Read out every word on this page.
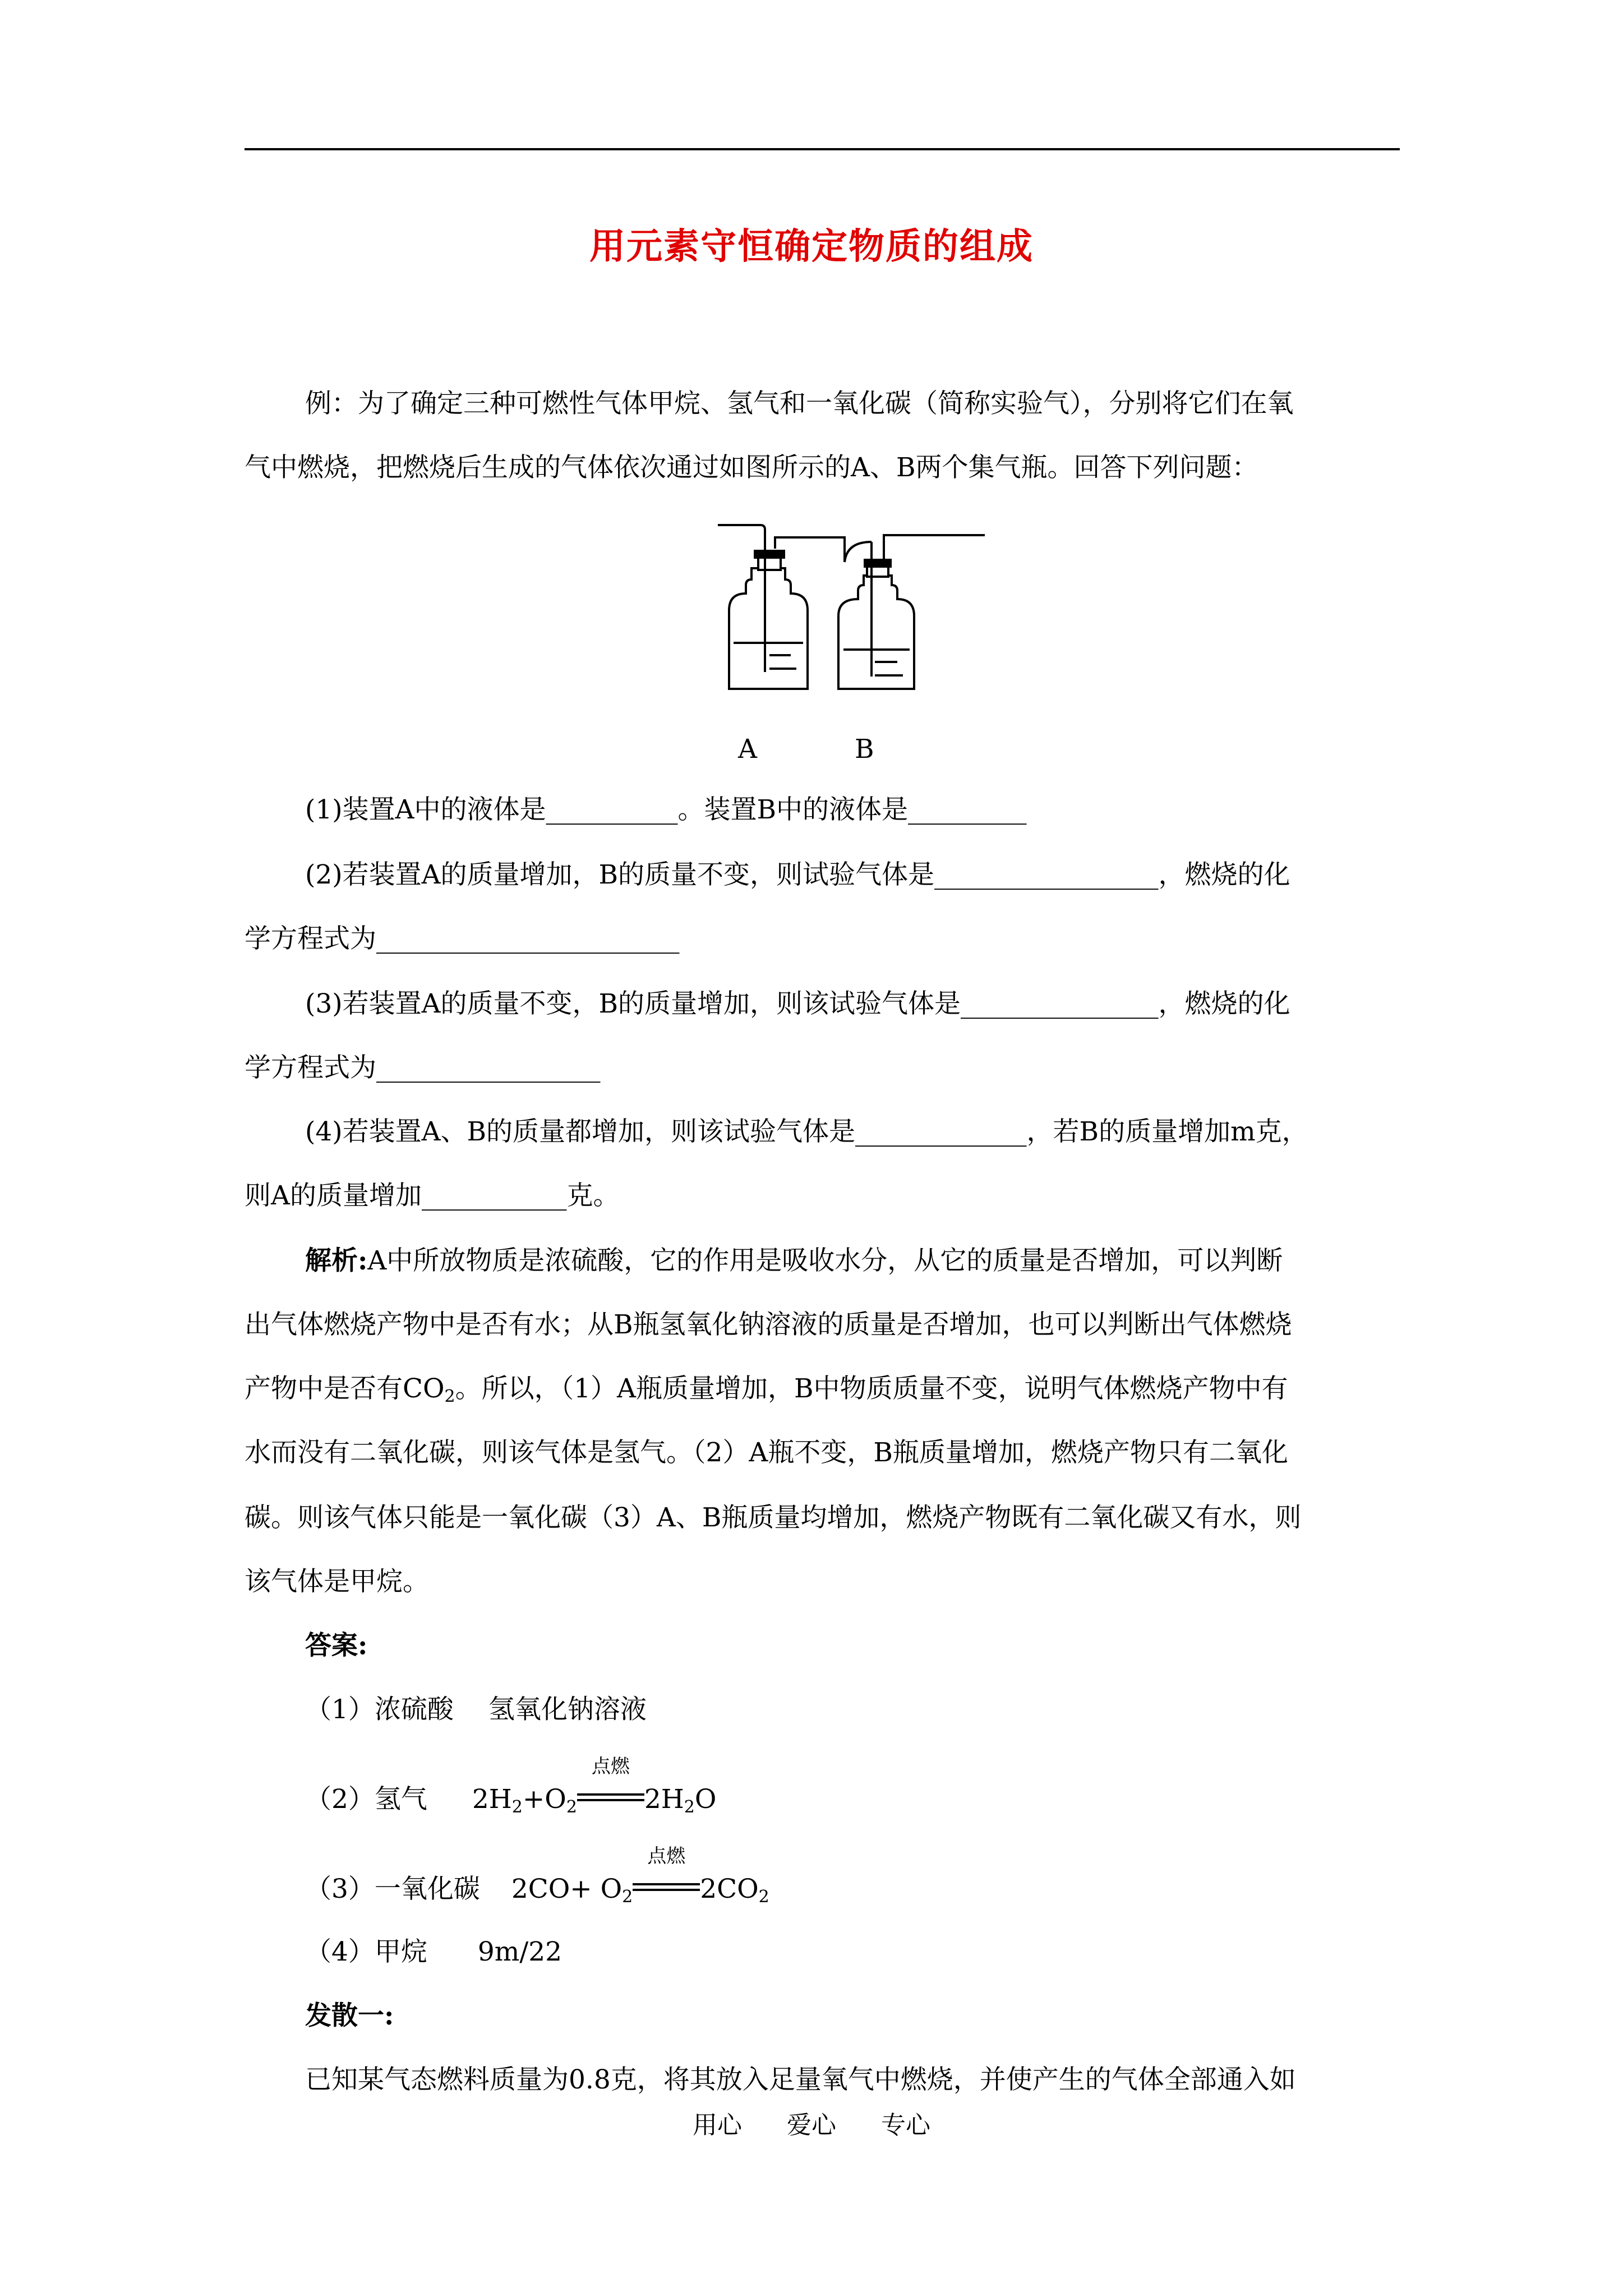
用元素守恒确定物质的组成
例：为了确定三种可燃性气体甲烷、氢气和一氧化碳（简称实验气），分别将它们在氧
气中燃烧，把燃烧后生成的气体依次通过如图所示的A、B两个集气瓶。回答下列问题：
A	B
(1)装置A中的液体是__________。装置B中的液体是_________
(2)若装置A的质量增加，B的质量不变，则试验气体是_________________，燃烧的化
学方程式为_______________________
(3)若装置A的质量不变，B的质量增加，则该试验气体是_______________，燃烧的化
学方程式为_________________
(4)若装置A、B的质量都增加，则该试验气体是_____________，若B的质量增加m克，
则A的质量增加___________克。
解析:A中所放物质是浓硫酸，它的作用是吸收水分，从它的质量是否增加，可以判断
出气体燃烧产物中是否有水；从B瓶氢氧化钠溶液的质量是否增加，也可以判断出气体燃烧
产物中是否有$CO_2$。所以，（1）A瓶质量增加，B中物质质量不变，说明气体燃烧产物中有
水而没有二氧化碳，则该气体是氢气。（2）A瓶不变，B瓶质量增加，燃烧产物只有二氧化
碳。则该气体只能是一氧化碳（3）A、B瓶质量均增加，燃烧产物既有二氧化碳又有水，则
该气体是甲烷。
答案:
（1）浓硫酸　 氢氧化钠溶液
（2）氢气 $2H_2+O_2$
点燃
$2H_2O$
（3）一氧化碳 $2CO+ O_2$
点燃
$2CO_2$
（4）甲烷 9m/22
发散一:
已知某气态燃料质量为0.8克，将其放入足量氧气中燃烧，并使产生的气体全部通入如
用心 爱心 专心
